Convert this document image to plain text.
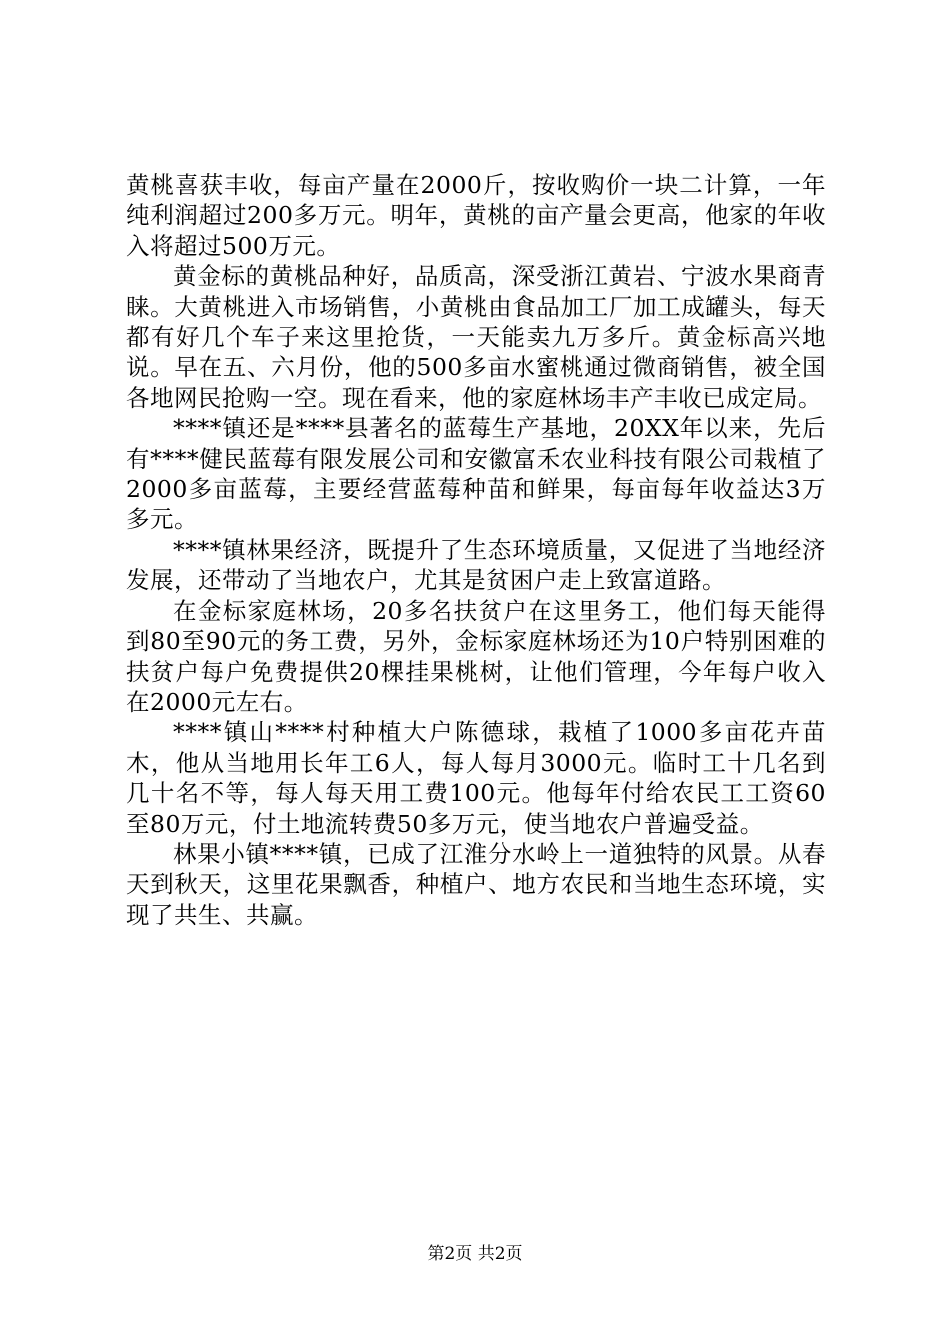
黄桃喜获丰收，每亩产量在2000斤，按收购价一块二计算，一年纯利润超过200多万元。明年，黄桃的亩产量会更高，他家的年收入将超过500万元。

黄金标的黄桃品种好，品质高，深受浙江黄岩、宁波水果商青睐。大黄桃进入市场销售，小黄桃由食品加工厂加工成罐头，每天都有好几个车子来这里抢货，一天能卖九万多斤。黄金标高兴地说。早在五、六月份，他的500多亩水蜜桃通过微商销售，被全国各地网民抢购一空。现在看来，他的家庭林场丰产丰收已成定局。

****镇还是****县著名的蓝莓生产基地，20XX年以来，先后有****健民蓝莓有限发展公司和安徽富禾农业科技有限公司栽植了2000多亩蓝莓，主要经营蓝莓种苗和鲜果，每亩每年收益达3万多元。

****镇林果经济，既提升了生态环境质量，又促进了当地经济发展，还带动了当地农户，尤其是贫困户走上致富道路。

在金标家庭林场，20多名扶贫户在这里务工，他们每天能得到80至90元的务工费，另外，金标家庭林场还为10户特别困难的扶贫户每户免费提供20棵挂果桃树，让他们管理，今年每户收入在2000元左右。

****镇山****村种植大户陈德球，栽植了1000多亩花卉苗木，他从当地用长年工6人，每人每月3000元。临时工十几名到几十名不等，每人每天用工费100元。他每年付给农民工工资60至80万元，付土地流转费50多万元，使当地农户普遍受益。

林果小镇****镇，已成了江淮分水岭上一道独特的风景。从春天到秋天，这里花果飘香，种植户、地方农民和当地生态环境，实现了共生、共赢。

第2页 共2页
